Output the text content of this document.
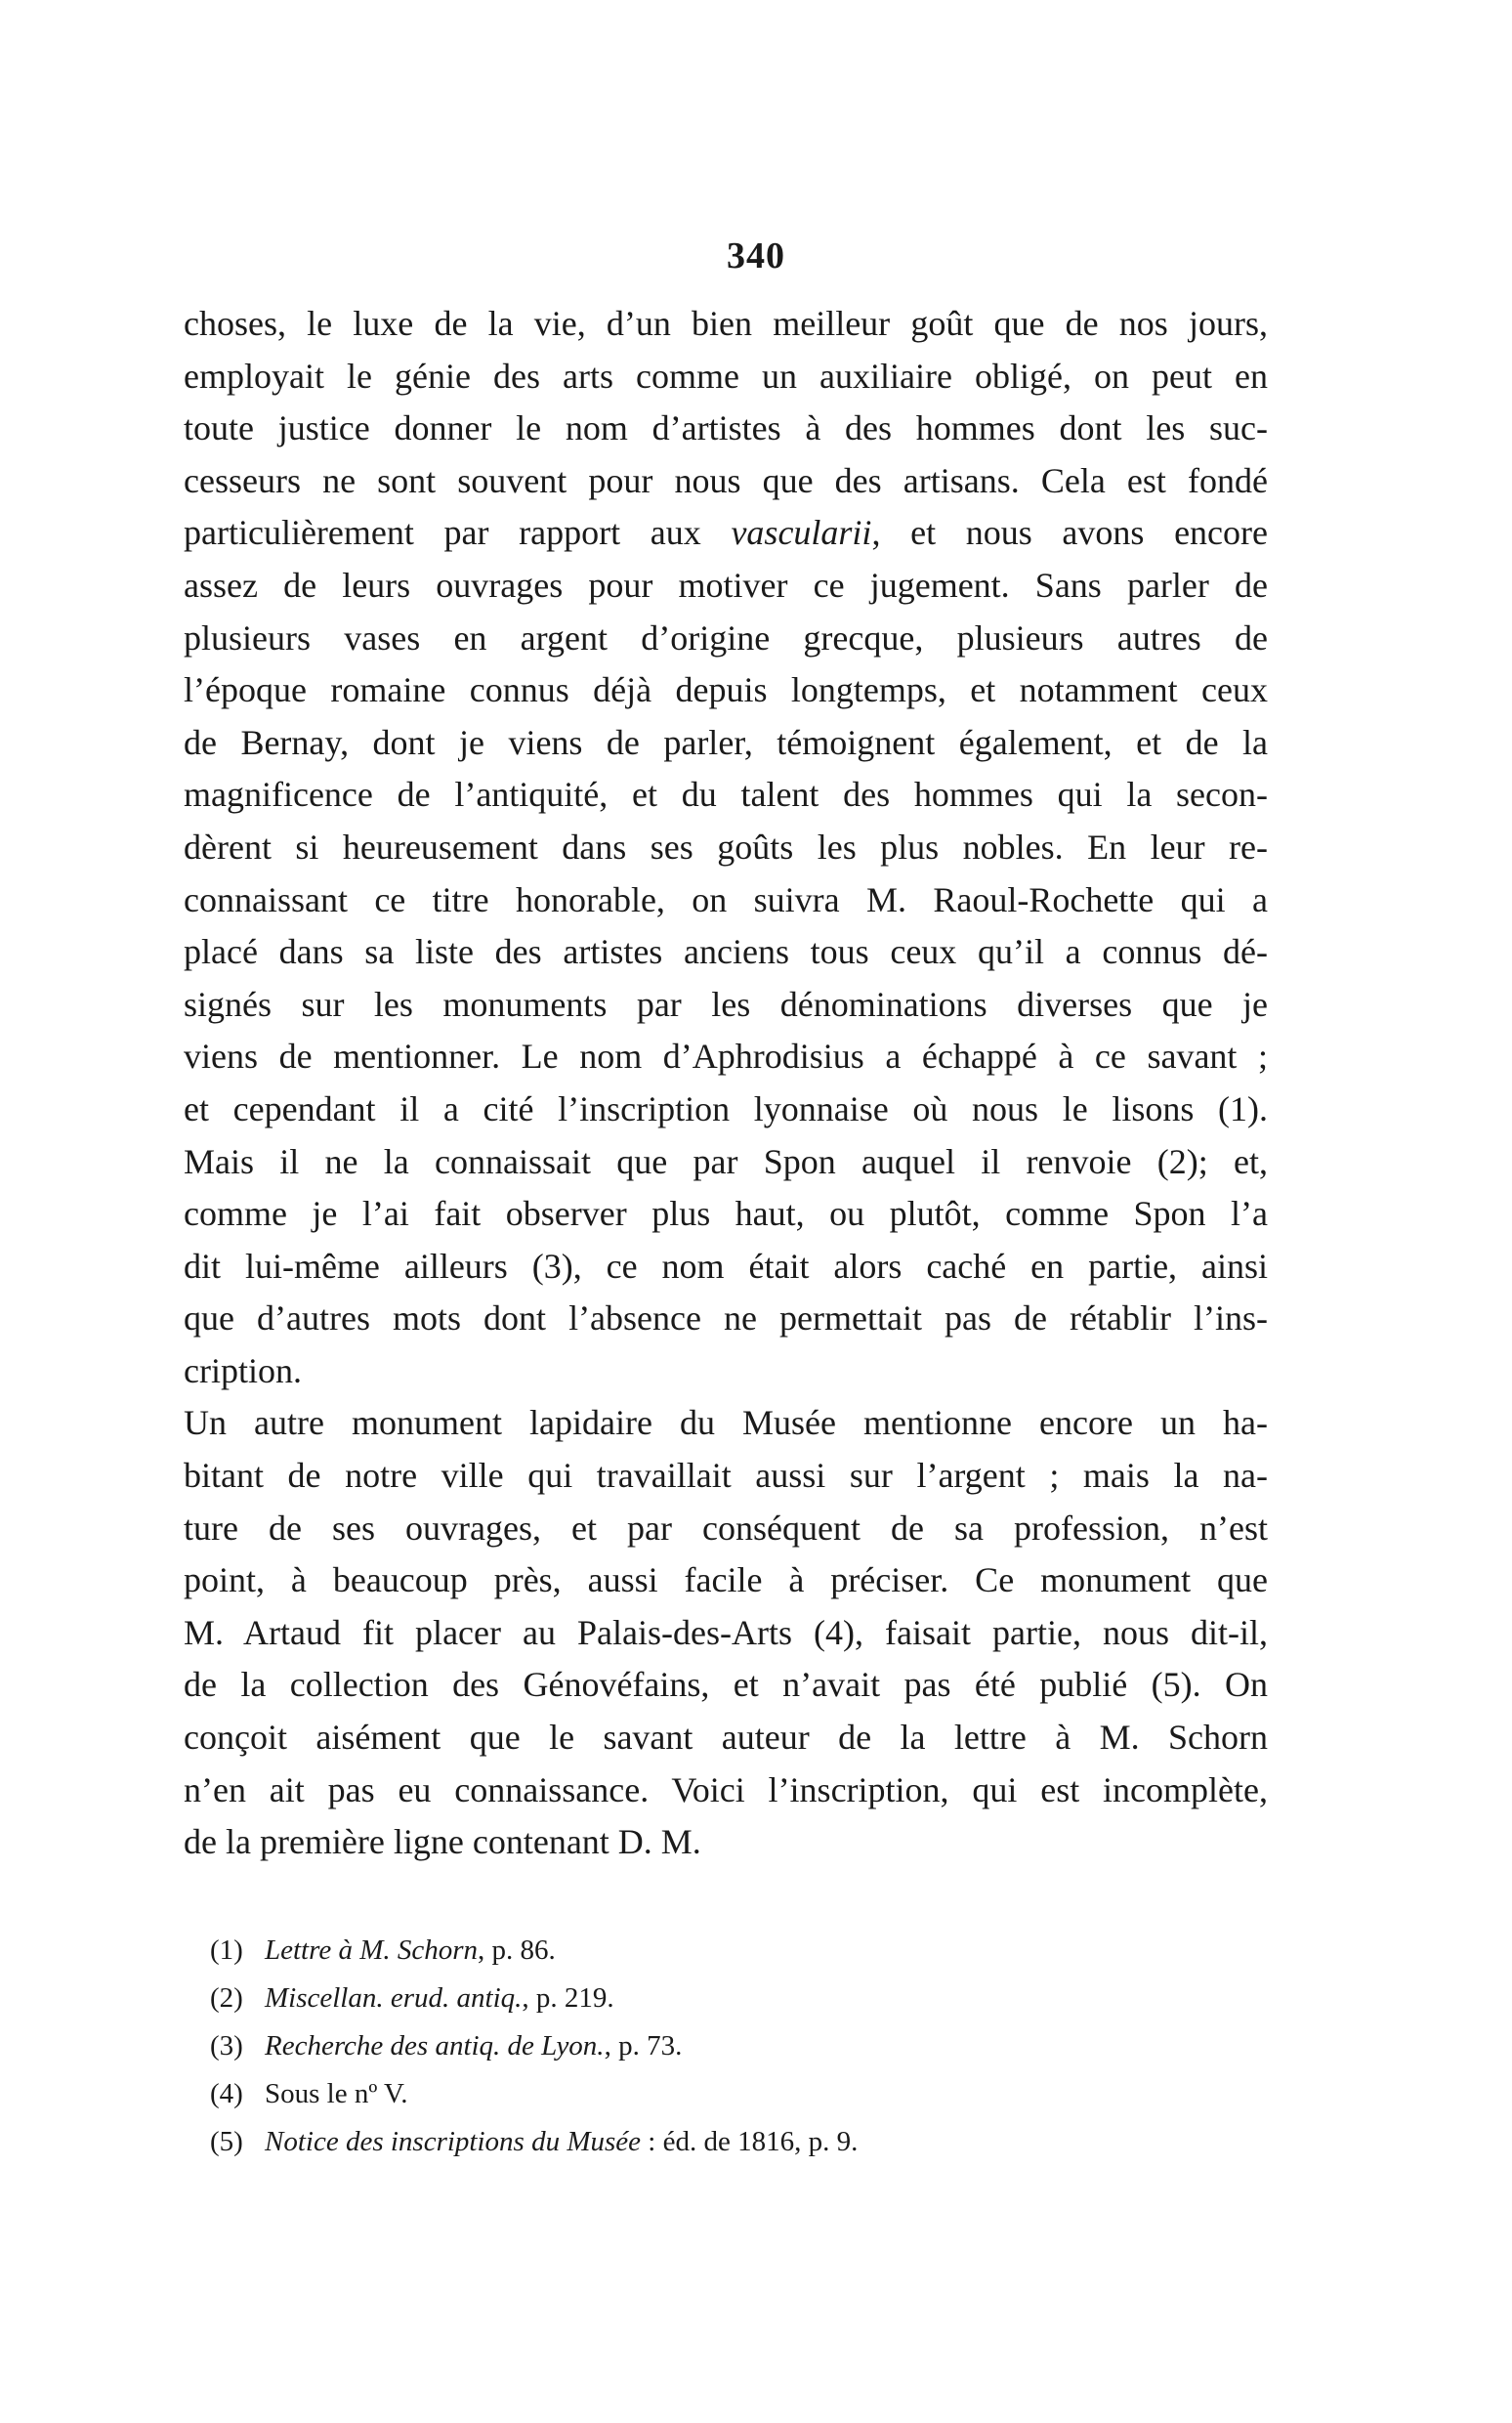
340
choses, le luxe de la vie, d’un bien meilleur goût que de nos jours,
employait le génie des arts comme un auxiliaire obligé, on peut en
toute justice donner le nom d’artistes à des hommes dont les suc-
cesseurs ne sont souvent pour nous que des artisans. Cela est fondé
particulièrement par rapport aux vascularii, et nous avons encore
assez de leurs ouvrages pour motiver ce jugement. Sans parler de
plusieurs vases en argent d’origine grecque, plusieurs autres de
l’époque romaine connus déjà depuis longtemps, et notamment ceux
de Bernay, dont je viens de parler, témoignent également, et de la
magnificence de l’antiquité, et du talent des hommes qui la secon-
dèrent si heureusement dans ses goûts les plus nobles. En leur re-
connaissant ce titre honorable, on suivra M. Raoul-Rochette qui a
placé dans sa liste des artistes anciens tous ceux qu’il a connus dé-
signés sur les monuments par les dénominations diverses que je
viens de mentionner. Le nom d’Aphrodisius a échappé à ce savant ;
et cependant il a cité l’inscription lyonnaise où nous le lisons (1).
Mais il ne la connaissait que par Spon auquel il renvoie (2); et,
comme je l’ai fait observer plus haut, ou plutôt, comme Spon l’a
dit lui-même ailleurs (3), ce nom était alors caché en partie, ainsi
que d’autres mots dont l’absence ne permettait pas de rétablir l’ins-
cription.
Un autre monument lapidaire du Musée mentionne encore un ha-
bitant de notre ville qui travaillait aussi sur l’argent ; mais la na-
ture de ses ouvrages, et par conséquent de sa profession, n’est
point, à beaucoup près, aussi facile à préciser. Ce monument que
M. Artaud fit placer au Palais-des-Arts (4), faisait partie, nous dit-il,
de la collection des Génovéfains, et n’avait pas été publié (5). On
conçoit aisément que le savant auteur de la lettre à M. Schorn
n’en ait pas eu connaissance. Voici l’inscription, qui est incomplète,
de la première ligne contenant D. M.
(1) Lettre à M. Schorn, p. 86.
(2) Miscellan. erud. antiq., p. 219.
(3) Recherche des antiq. de Lyon., p. 73.
(4) Sous le nº V.
(5) Notice des inscriptions du Musée : éd. de 1816, p. 9.
